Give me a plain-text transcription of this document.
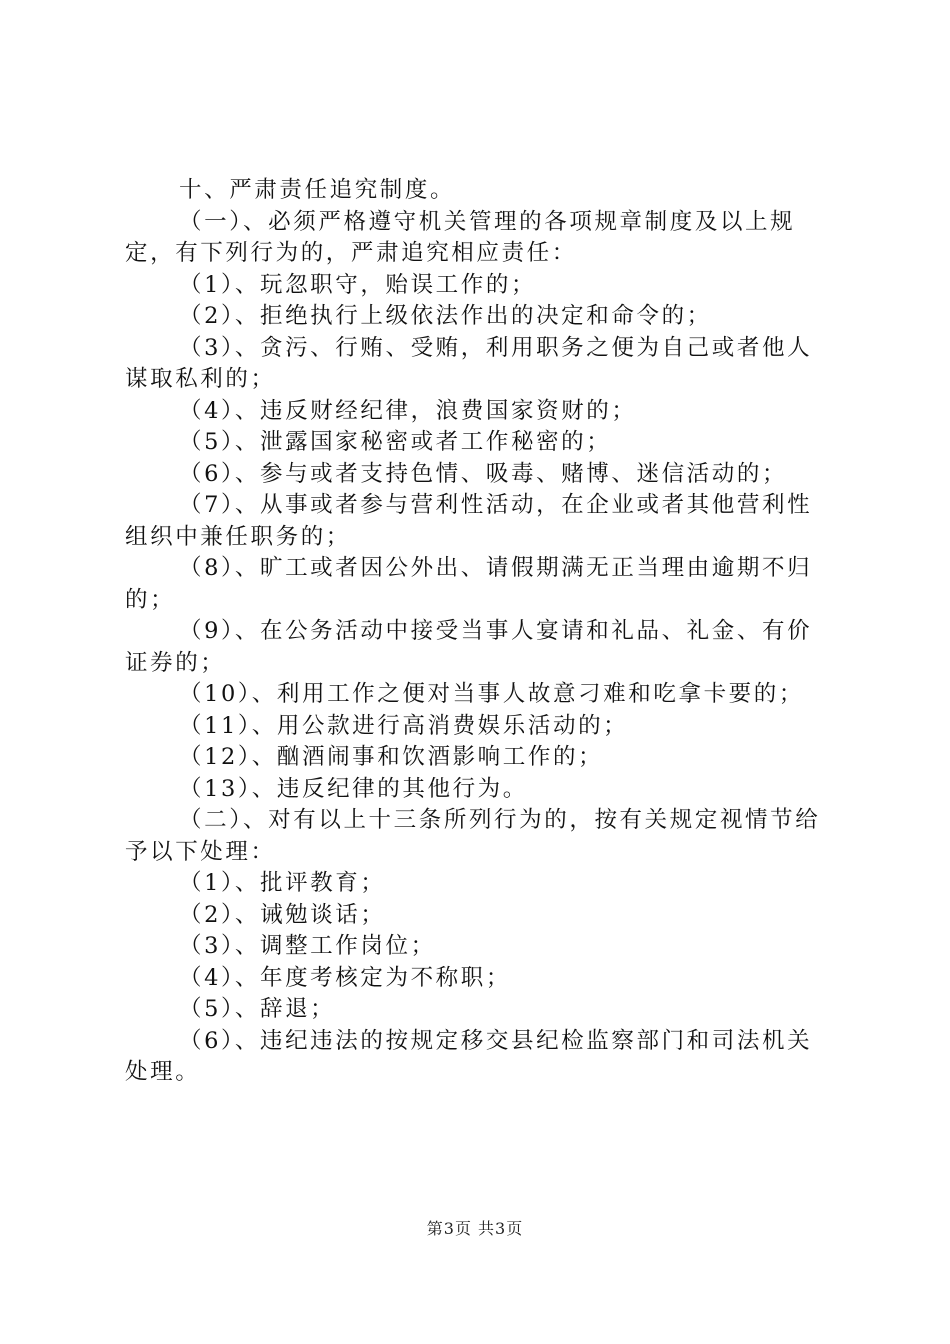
十、严肃责任追究制度。

（一）、必须严格遵守机关管理的各项规章制度及以上规定，有下列行为的，严肃追究相应责任：

（1）、玩忽职守，贻误工作的；

（2）、拒绝执行上级依法作出的决定和命令的；

（3）、贪污、行贿、受贿，利用职务之便为自己或者他人谋取私利的；

（4）、违反财经纪律，浪费国家资财的；

（5）、泄露国家秘密或者工作秘密的；

（6）、参与或者支持色情、吸毒、赌博、迷信活动的；

（7）、从事或者参与营利性活动，在企业或者其他营利性组织中兼任职务的；

（8）、旷工或者因公外出、请假期满无正当理由逾期不归的；

（9）、在公务活动中接受当事人宴请和礼品、礼金、有价证券的；

（10）、利用工作之便对当事人故意刁难和吃拿卡要的；

（11）、用公款进行高消费娱乐活动的；

（12）、酗酒闹事和饮酒影响工作的；

（13）、违反纪律的其他行为。

（二）、对有以上十三条所列行为的，按有关规定视情节给予以下处理：

（1）、批评教育；

（2）、诫勉谈话；

（3）、调整工作岗位；

（4）、年度考核定为不称职；

（5）、辞退；

（6）、违纪违法的按规定移交县纪检监察部门和司法机关处理。

第3页 共3页
